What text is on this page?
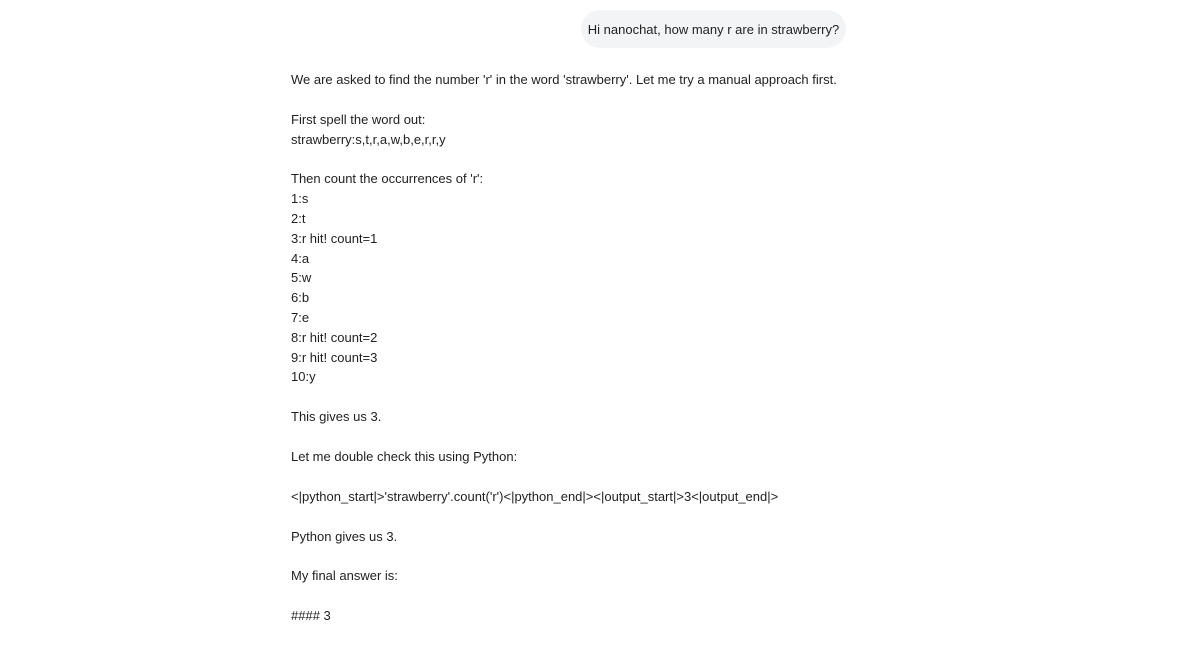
Hi nanochat, how many r are in strawberry?
We are asked to find the number 'r' in the word 'strawberry'. Let me try a manual approach first.
First spell the word out:
strawberry:s,t,r,a,w,b,e,r,r,y
Then count the occurrences of 'r':
1:s
2:t
3:r hit! count=1
4:a
5:w
6:b
7:e
8:r hit! count=2
9:r hit! count=3
10:y
This gives us 3.
Let me double check this using Python:
<|python_start|>'strawberry'.count('r')<|python_end|><|output_start|>3<|output_end|>
Python gives us 3.
My final answer is:
#### 3
